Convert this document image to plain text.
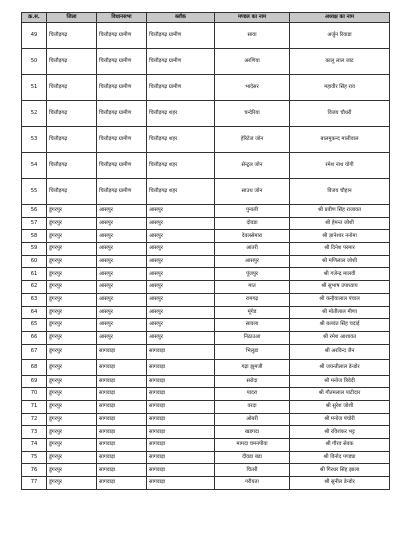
क्र.स.	जिला	विधानसभा	ब्लॉक	मण्डल का नाम	अध्यक्ष का नाम
49	चित्तौड़गढ़	चित्तौड़गढ़ ग्रामीण	चित्तौड़गढ़ ग्रामीण	सावा	अर्जुन रियाडा
50	चित्तौड़गढ़	चित्तौड़गढ़ ग्रामीण	चित्तौड़गढ़ ग्रामीण	अरणिया	कालू लाल जाट
51	चित्तौड़गढ़	चित्तौड़गढ़ ग्रामीण	चित्तौड़गढ़ ग्रामीण	भादेसर	महावीर सिंह राव
52	चित्तौड़गढ़	चित्तौड़गढ़ ग्रामीण	चित्तौड़गढ़ शहर	चन्देरिया	विजय चौधरी
53	चित्तौड़गढ़	चित्तौड़गढ़ ग्रामीण	चित्तौड़गढ़ शहर	हेरिटेज जोन	बालमुकन्द मालीवाल
54	चित्तौड़गढ़	चित्तौड़गढ़ ग्रामीण	चित्तौड़गढ़ शहर	सेन्ट्रल जोन	रमेश नाथ योगी
55	चित्तौड़गढ़	चित्तौड़गढ़ ग्रामीण	चित्तौड़गढ़ शहर	साउथ जोन	विजय चौहान
56	डूंगरपुर	आसपुर	आसपुर	पुनाली	श्री प्रवीण सिंह राजावत
57	डूंगरपुर	आसपुर	आसपुर	दोवडा	श्री हेमन्त जोशी
58	डूंगरपुर	आसपुर	आसपुर	देवलसेमारा	श्री ज्ञानेश्वर ननोमा
59	डूंगरपुर	आसपुर	आसपुर	आंतरी	श्री दिनेश परमार
60	डूंगरपुर	आसपुर	आसपुर	आसपुर	श्री मणिलाल जोशी
61	डूंगरपुर	आसपुर	आसपुर	पूंजपुर	श्री गजेन्द्र मालवी
62	डूंगरपुर	आसपुर	आसपुर	मात	श्री सुभाष उपाध्याय
63	डूंगरपुर	आसपुर	आसपुर	रामगढ़	श्री कन्हैयालाल पंचाल
64	डूंगरपुर	आसपुर	आसपुर	मूंगेड	श्री मोतीलाल मीणा
65	डूंगरपुर	आसपुर	आसपुर	सावला	श्री बलवंत सिंह चदाई
66	डूंगरपुर	आसपुर	आसपुर	निठाउआ	श्री रमेश आशावत
67	डूंगरपुर	सागवाड़ा	सागवाड़ा	भिलुडा	श्री अरविन्द जैन
68	डूंगरपुर	सागवाड़ा	सागवाड़ा	गढ़ा झुमजी	श्री जयन्तीलाल डेन्डोर
69	डूंगरपुर	सागवाड़ा	सागवाड़ा	सरोदा	श्री मनोज त्रिवेदी
70	डूंगरपुर	सागवाड़ा	सागवाड़ा	पादरा	श्री गौतमलाल पाटीदार
71	डूंगरपुर	सागवाड़ा	सागवाड़ा	वरदा	श्री सुरेश जोशी
72	डूंगरपुर	सागवाड़ा	सागवाड़ा	ओबरी	श्री मनोज पंचोरी
73	डूंगरपुर	सागवाड़ा	सागवाड़ा	खडगदा	श्री रविशंकर भट्ट
74	डूंगरपुर	सागवाड़ा	सागवाड़ा	मामदा चमनपीया	श्री गौरव सेवक
75	डूंगरपुर	सागवाड़ा	सागवाड़ा	दीवडा बडा	श्री विनोद पण्ड्या
76	डूंगरपुर	सागवाड़ा	सागवाड़ा	चितरी	श्री गिरधर सिंह झाला
77	डूंगरपुर	सागवाड़ा	सागवाड़ा	गरीयता	श्री सुनील डेन्डोर
